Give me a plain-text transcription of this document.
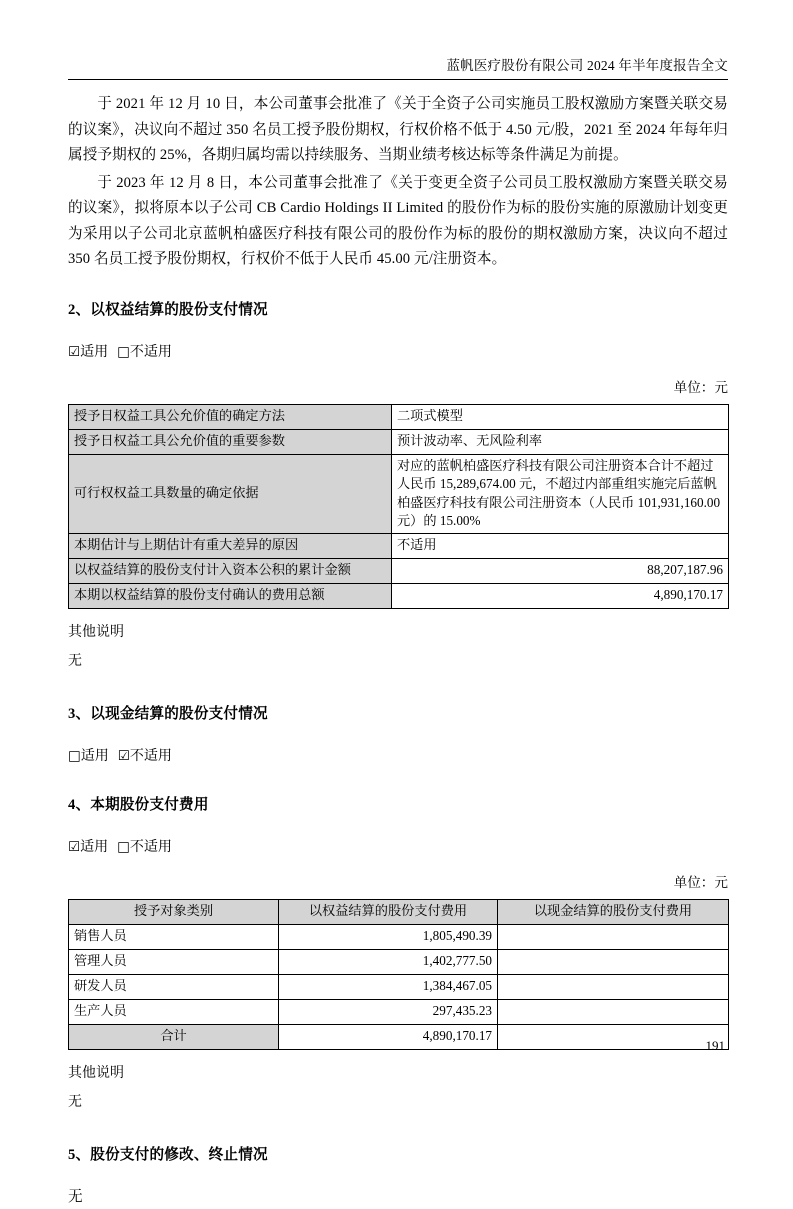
蓝帆医疗股份有限公司 2024 年半年度报告全文

于 2021 年 12 月 10 日，本公司董事会批准了《关于全资子公司实施员工股权激励方案暨关联交易的议案》，决议向不超过 350 名员工授予股份期权，行权价格不低于 4.50 元/股，2021 至 2024 年每年归属授予期权的 25%，各期归属均需以持续服务、当期业绩考核达标等条件满足为前提。

于 2023 年 12 月 8 日，本公司董事会批准了《关于变更全资子公司员工股权激励方案暨关联交易的议案》，拟将原本以子公司 CB Cardio Holdings II Limited 的股份作为标的股份实施的原激励计划变更为采用以子公司北京蓝帆柏盛医疗科技有限公司的股份作为标的股份的期权激励方案，决议向不超过 350 名员工授予股份期权，行权价不低于人民币 45.00 元/注册资本。

2、以权益结算的股份支付情况
☑适用 □不适用
单位：元
授予日权益工具公允价值的确定方法	二项式模型
授予日权益工具公允价值的重要参数	预计波动率、无风险利率
可行权权益工具数量的确定依据	对应的蓝帆柏盛医疗科技有限公司注册资本合计不超过人民币 15,289,674.00 元，不超过内部重组实施完后蓝帆柏盛医疗科技有限公司注册资本（人民币 101,931,160.00 元）的 15.00%
本期估计与上期估计有重大差异的原因	不适用
以权益结算的股份支付计入资本公积的累计金额	88,207,187.96
本期以权益结算的股份支付确认的费用总额	4,890,170.17
其他说明
无
3、以现金结算的股份支付情况
□适用 ☑不适用
4、本期股份支付费用
☑适用 □不适用
单位：元
授予对象类别	以权益结算的股份支付费用	以现金结算的股份支付费用
销售人员	1,805,490.39	
管理人员	1,402,777.50	
研发人员	1,384,467.05	
生产人员	297,435.23	
合计	4,890,170.17	
其他说明
无
5、股份支付的修改、终止情况
无
191
